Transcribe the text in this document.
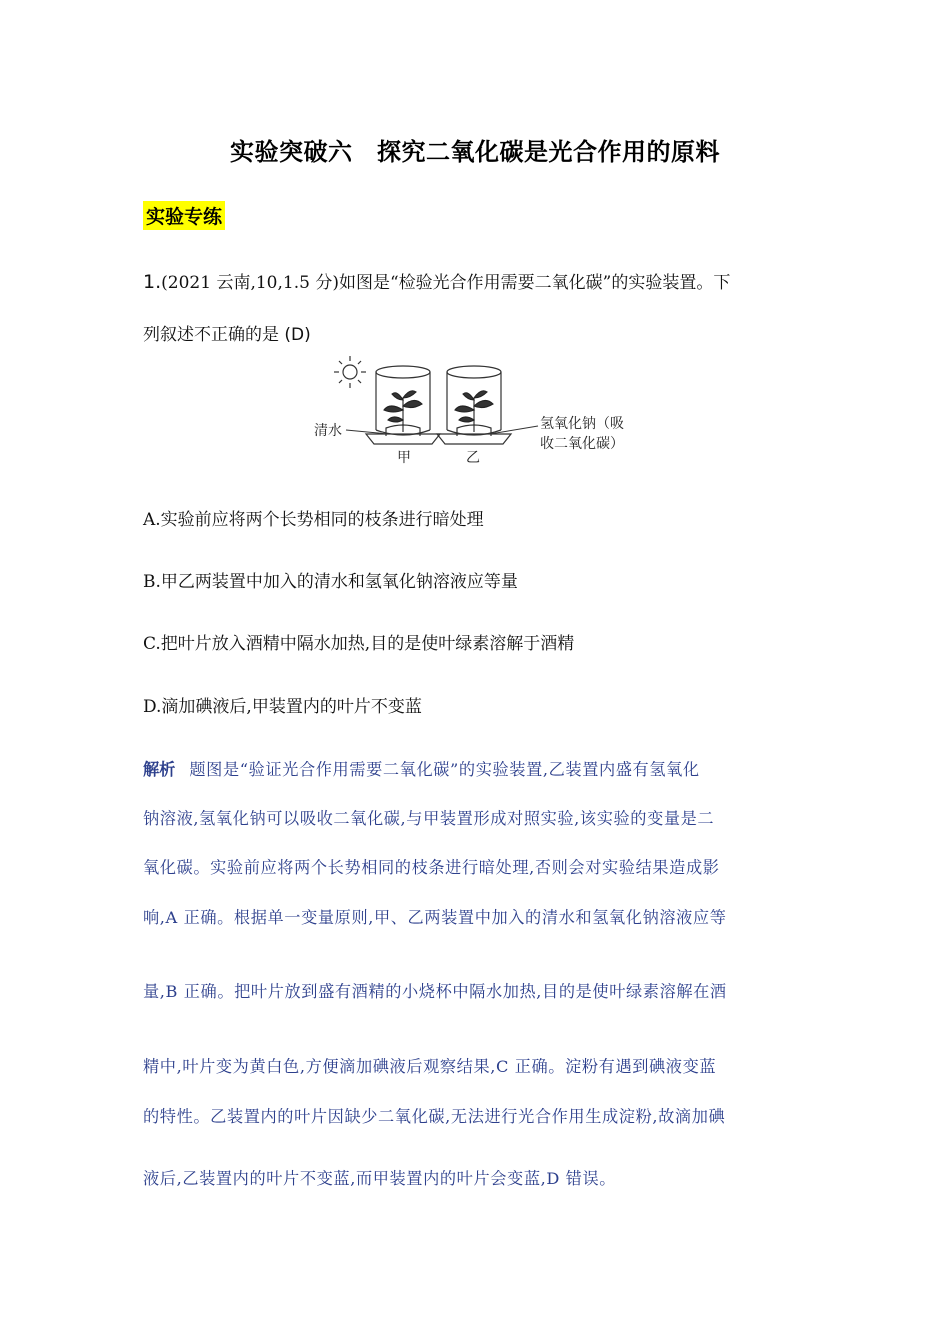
实验突破六　探究二氧化碳是光合作用的原料
实验专练
1.(2021 云南,10,1.5 分)如图是“检验光合作用需要二氧化碳”的实验装置。下
列叙述不正确的是 (D)
清水
甲	乙
氢氧化钠（吸
收二氧化碳）
A.实验前应将两个长势相同的枝条进行暗处理
B.甲乙两装置中加入的清水和氢氧化钠溶液应等量
C.把叶片放入酒精中隔水加热,目的是使叶绿素溶解于酒精
D.滴加碘液后,甲装置内的叶片不变蓝
解析 题图是“验证光合作用需要二氧化碳”的实验装置,乙装置内盛有氢氧化
钠溶液,氢氧化钠可以吸收二氧化碳,与甲装置形成对照实验,该实验的变量是二
氧化碳。实验前应将两个长势相同的枝条进行暗处理,否则会对实验结果造成影
响,A 正确。根据单一变量原则,甲、乙两装置中加入的清水和氢氧化钠溶液应等
量,B 正确。把叶片放到盛有酒精的小烧杯中隔水加热,目的是使叶绿素溶解在酒
精中,叶片变为黄白色,方便滴加碘液后观察结果,C 正确。淀粉有遇到碘液变蓝
的特性。乙装置内的叶片因缺少二氧化碳,无法进行光合作用生成淀粉,故滴加碘
液后,乙装置内的叶片不变蓝,而甲装置内的叶片会变蓝,D 错误。
